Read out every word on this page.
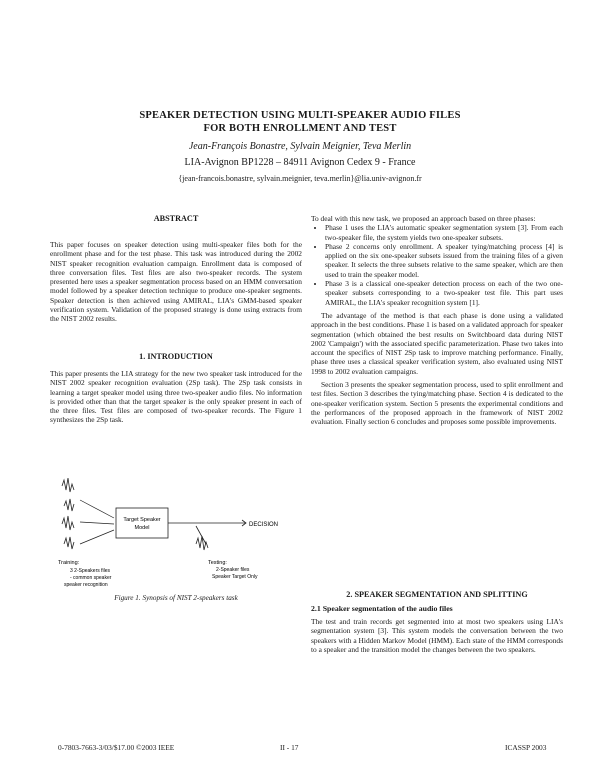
SPEAKER DETECTION USING MULTI-SPEAKER AUDIO FILES
FOR BOTH ENROLLMENT AND TEST
Jean-François Bonastre, Sylvain Meignier, Teva Merlin
LIA-Avignon BP1228 – 84911 Avignon Cedex 9 - France
{jean-francois.bonastre, sylvain.meignier, teva.merlin}@lia.univ-avignon.fr
ABSTRACT
This paper focuses on speaker detection using multi-speaker files both for the enrollment phase and for the test phase. This task was introduced during the 2002 NIST speaker recognition evaluation campaign. Enrollment data is composed of three conversation files. Test files are also two-speaker records. The system presented here uses a speaker segmentation process based on an HMM conversation model followed by a speaker detection technique to produce one-speaker segments. Speaker detection is then achieved using AMIRAL, LIA's GMM-based speaker verification system. Validation of the proposed strategy is done using extracts from the NIST 2002 results.
1. INTRODUCTION
This paper presents the LIA strategy for the new two speaker task introduced for the NIST 2002 speaker recognition evaluation (2Sp task). The 2Sp task consists in learning a target speaker model using three two-speaker audio files. No information is provided other than that the target speaker is the only speaker present in each of the three files. Test files are composed of two-speaker records. The Figure 1 synthesizes the 2Sp task.
Target Speaker
Model	DECISION
Training:
3 2-Speakers files
- common speaker
speaker recognition
Testing:
2-Speaker files
Speaker Target Only
Figure 1. Synopsis of NIST 2-speakers task
To deal with this new task, we proposed an approach based on three phases:
• Phase 1 uses the LIA's automatic speaker segmentation system [3]. From each two-speaker file, the system yields two one-speaker subsets.
• Phase 2 concerns only enrollment. A speaker tying/matching process [4] is applied on the six one-speaker subsets issued from the training files of a given speaker. It selects the three subsets relative to the same speaker, which are then used to train the speaker model.
• Phase 3 is a classical one-speaker detection process on each of the two one-speaker subsets corresponding to a two-speaker test file. This part uses AMIRAL, the LIA's speaker recognition system [1].
The advantage of the method is that each phase is done using a validated approach in the best conditions. Phase 1 is based on a validated approach for speaker segmentation (which obtained the best results on Switchboard data during NIST 2002 'Campaign') with the associated specific parameterization. Phase two takes into account the specifics of NIST 2Sp task to improve matching performance. Finally, phase three uses a classical speaker verification system, also evaluated using NIST 1998 to 2002 evaluation campaigns.
Section 3 presents the speaker segmentation process, used to split enrollment and test files. Section 3 describes the tying/matching phase. Section 4 is dedicated to the one-speaker verification system. Section 5 presents the experimental conditions and the performances of the proposed approach in the framework of NIST 2002 evaluation. Finally section 6 concludes and proposes some possible improvements.
2. SPEAKER SEGMENTATION AND SPLITTING
2.1 Speaker segmentation of the audio files
The test and train records get segmented into at most two speakers using LIA's segmentation system [3]. This system models the conversation between the two speakers with a Hidden Markov Model (HMM). Each state of the HMM corresponds to a speaker and the transition model the changes between the two speakers.
0-7803-7663-3/03/$17.00 ©2003 IEEE	II - 17	ICASSP 2003
